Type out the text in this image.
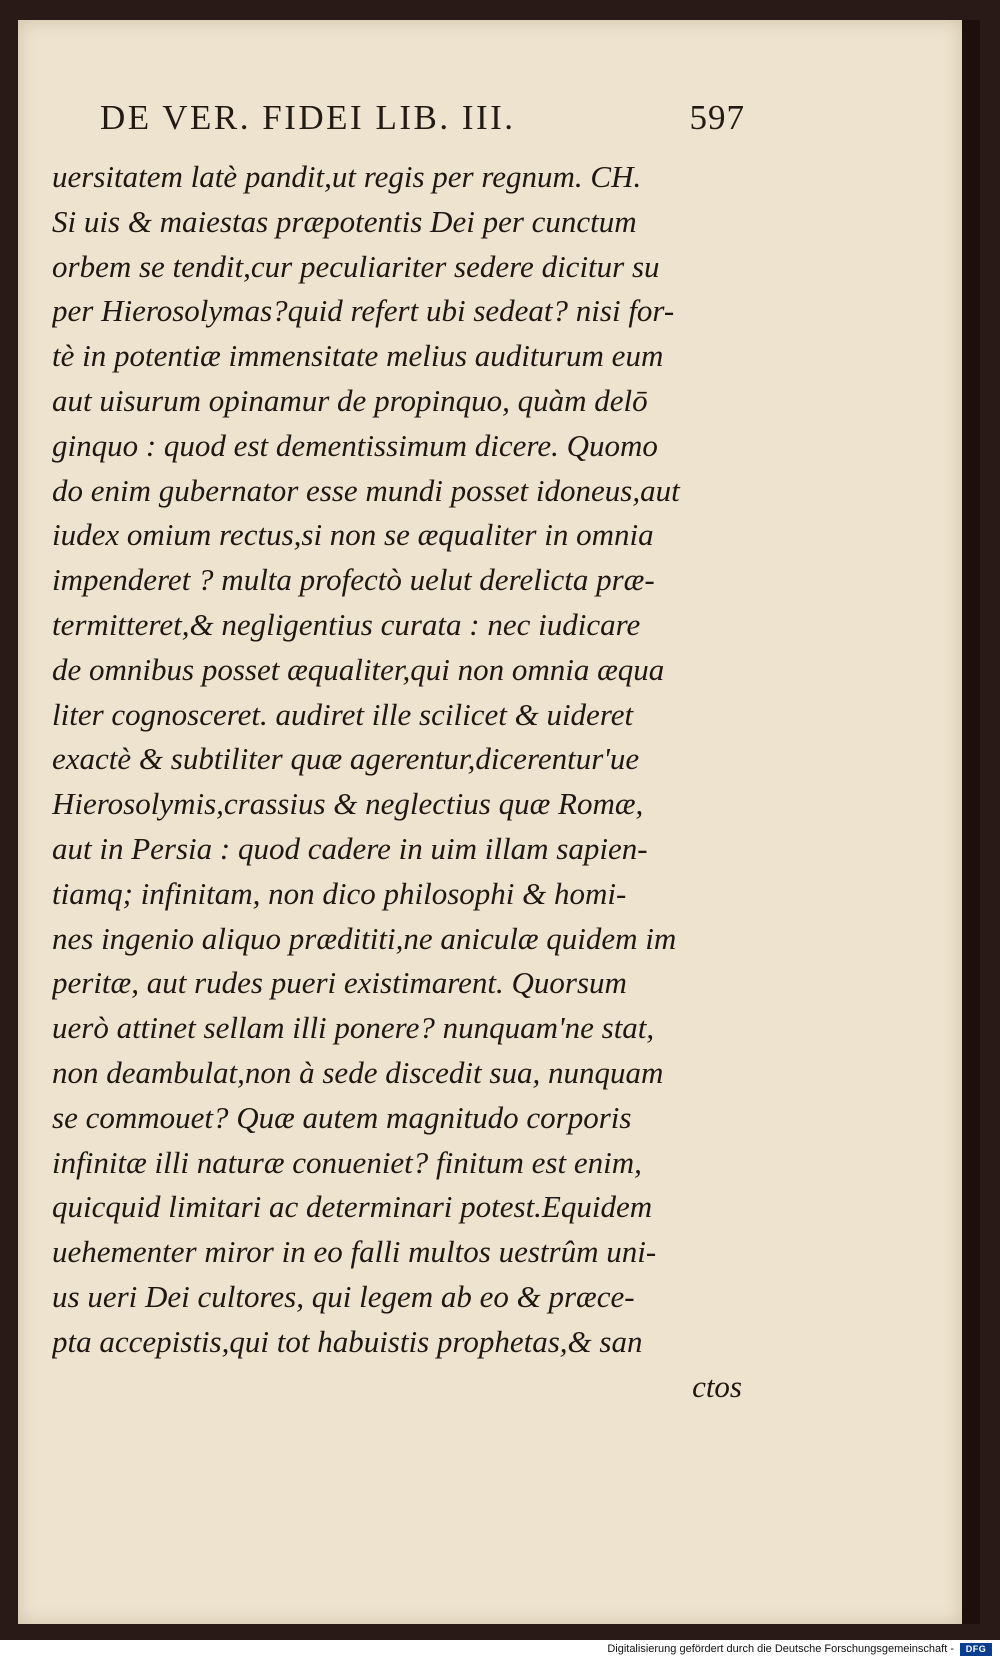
DE VER. FIDEI LIB. III.	597
uersitatem latè pandit,ut regis per regnum. CH.
Si uis & maiestas præpotentis Dei per cunctum
orbem se tendit,cur peculiariter sedere dicitur su
per Hierosolymas?quid refert ubi sedeat? nisi for-
tè in potentiæ immensitate melius auditurum eum
aut uisurum opinamur de propinquo, quàm delō
ginquo : quod est dementissimum dicere. Quomo
do enim gubernator esse mundi posset idoneus,aut
iudex omium rectus,si non se æqualiter in omnia
impenderet ? multa profectò uelut derelicta præ-
termitteret,& negligentius curata : nec iudicare
de omnibus posset æqualiter,qui non omnia æqua
liter cognosceret. audiret ille scilicet & uideret
exactè & subtiliter quæ agerentur,dicerentur'ue
Hierosolymis,crassius & neglectius quæ Romæ,
aut in Persia : quod cadere in uim illam sapien-
tiamq; infinitam, non dico philosophi & homi-
nes ingenio aliquo prædititi,ne aniculæ quidem im
peritæ, aut rudes pueri existimarent. Quorsum
uerò attinet sellam illi ponere? nunquam'ne stat,
non deambulat,non à sede discedit sua, nunquam
se commouet? Quæ autem magnitudo corporis
infinitæ illi naturæ conueniet? finitum est enim,
quicquid limitari ac determinari potest.Equidem
uehementer miror in eo falli multos uestrûm uni-
us ueri Dei cultores, qui legem ab eo & præce-
pta accepistis,qui tot habuistis prophetas,& san
ctos
Digitalisierung gefördert durch die Deutsche Forschungsgemeinschaft -	DFG
